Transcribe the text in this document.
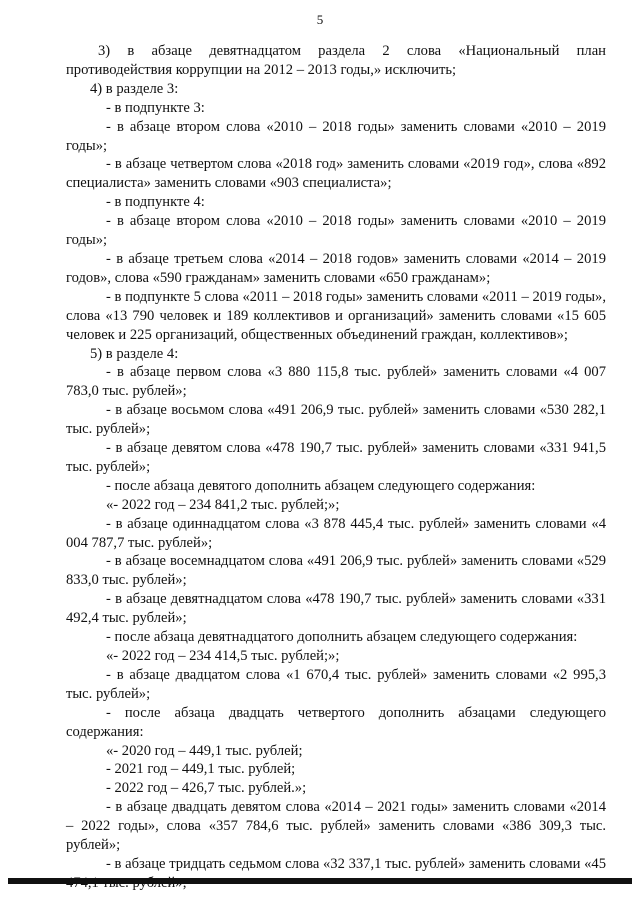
5

3) в абзаце девятнадцатом раздела 2 слова «Национальный план противодействия коррупции на 2012 – 2013 годы,» исключить;

4) в разделе 3:

- в подпункте 3:

- в абзаце втором слова «2010 – 2018 годы» заменить словами «2010 – 2019 годы»;

- в абзаце четвертом слова «2018 год» заменить словами «2019 год», слова «892 специалиста» заменить словами «903 специалиста»;

- в подпункте 4:

- в абзаце втором слова «2010 – 2018 годы» заменить словами «2010 – 2019 годы»;

- в абзаце третьем слова «2014 – 2018 годов» заменить словами «2014 – 2019 годов», слова «590 гражданам» заменить словами «650 гражданам»;

- в подпункте 5 слова «2011 – 2018 годы» заменить словами «2011 – 2019 годы», слова «13 790 человек и 189 коллективов и организаций» заменить словами «15 605 человек и 225 организаций, общественных объединений граждан, коллективов»;

5) в разделе 4:

- в абзаце первом слова «3 880 115,8 тыс. рублей» заменить словами «4 007 783,0 тыс. рублей»;

- в абзаце восьмом слова «491 206,9 тыс. рублей» заменить словами «530 282,1 тыс. рублей»;

- в абзаце девятом слова «478 190,7 тыс. рублей» заменить словами «331 941,5 тыс. рублей»;

- после абзаца девятого дополнить абзацем следующего содержания:

«- 2022 год – 234 841,2 тыс. рублей;»;

- в абзаце одиннадцатом слова «3 878 445,4 тыс. рублей» заменить словами «4 004 787,7 тыс. рублей»;

- в абзаце восемнадцатом слова «491 206,9 тыс. рублей» заменить словами «529 833,0 тыс. рублей»;

- в абзаце девятнадцатом слова «478 190,7 тыс. рублей» заменить словами «331 492,4 тыс. рублей»;

- после абзаца девятнадцатого дополнить абзацем следующего содержания:

«- 2022 год – 234 414,5 тыс. рублей;»;

- в абзаце двадцатом слова «1 670,4 тыс. рублей» заменить словами «2 995,3 тыс. рублей»;

- после абзаца двадцать четвертого дополнить абзацами следующего содержания:

«- 2020 год – 449,1 тыс. рублей;

- 2021 год – 449,1 тыс. рублей;

- 2022 год – 426,7 тыс. рублей.»;

- в абзаце двадцать девятом слова «2014 – 2021 годы» заменить словами «2014 – 2022 годы», слова «357 784,6 тыс. рублей» заменить словами «386 309,3 тыс. рублей»;

- в абзаце тридцать седьмом слова «32 337,1 тыс. рублей» заменить словами «45
